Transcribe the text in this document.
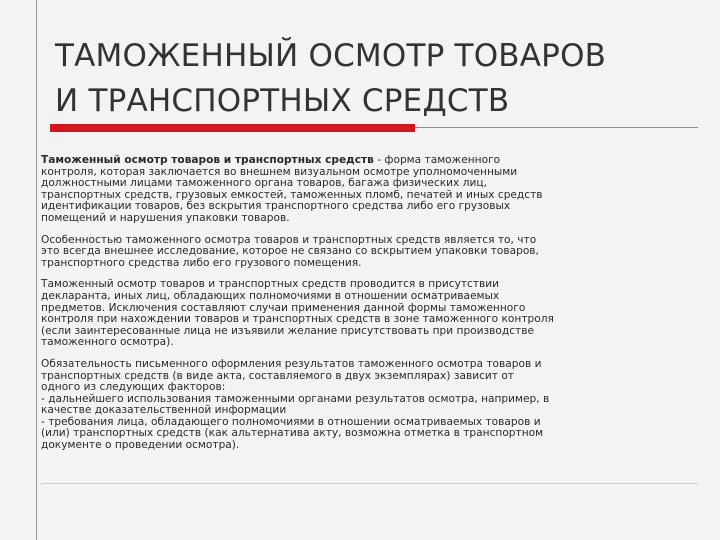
ТАМОЖЕННЫЙ ОСМОТР ТОВАРОВ
И ТРАНСПОРТНЫХ СРЕДСТВ
Таможенный осмотр товаров и транспортных средств - форма таможенного
контроля, которая заключается во внешнем визуальном осмотре уполномоченными
должностными лицами таможенного органа товаров, багажа физических лиц,
транспортных средств, грузовых емкостей, таможенных пломб, печатей и иных средств
идентификации товаров, без вскрытия транспортного средства либо его грузовых
помещений и нарушения упаковки товаров.
Особенностью таможенного осмотра товаров и транспортных средств является то, что
это всегда внешнее исследование, которое не связано со вскрытием упаковки товаров,
транспортного средства либо его грузового помещения.
Таможенный осмотр товаров и транспортных средств проводится в присутствии
декларанта, иных лиц, обладающих полномочиями в отношении осматриваемых
предметов. Исключения составляют случаи применения данной формы таможенного
контроля при нахождении товаров и транспортных средств в зоне таможенного контроля
(если заинтересованные лица не изъявили желание присутствовать при производстве
таможенного осмотра).
Обязательность письменного оформления результатов таможенного осмотра товаров и
транспортных средств (в виде акта, составляемого в двух экземплярах) зависит от
одного из следующих факторов:
- дальнейшего использования таможенными органами результатов осмотра, например, в
качестве доказательственной информации
- требования лица, обладающего полномочиями в отношении осматриваемых товаров и
(или) транспортных средств (как альтернатива акту, возможна отметка в транспортном
документе о проведении осмотра).
